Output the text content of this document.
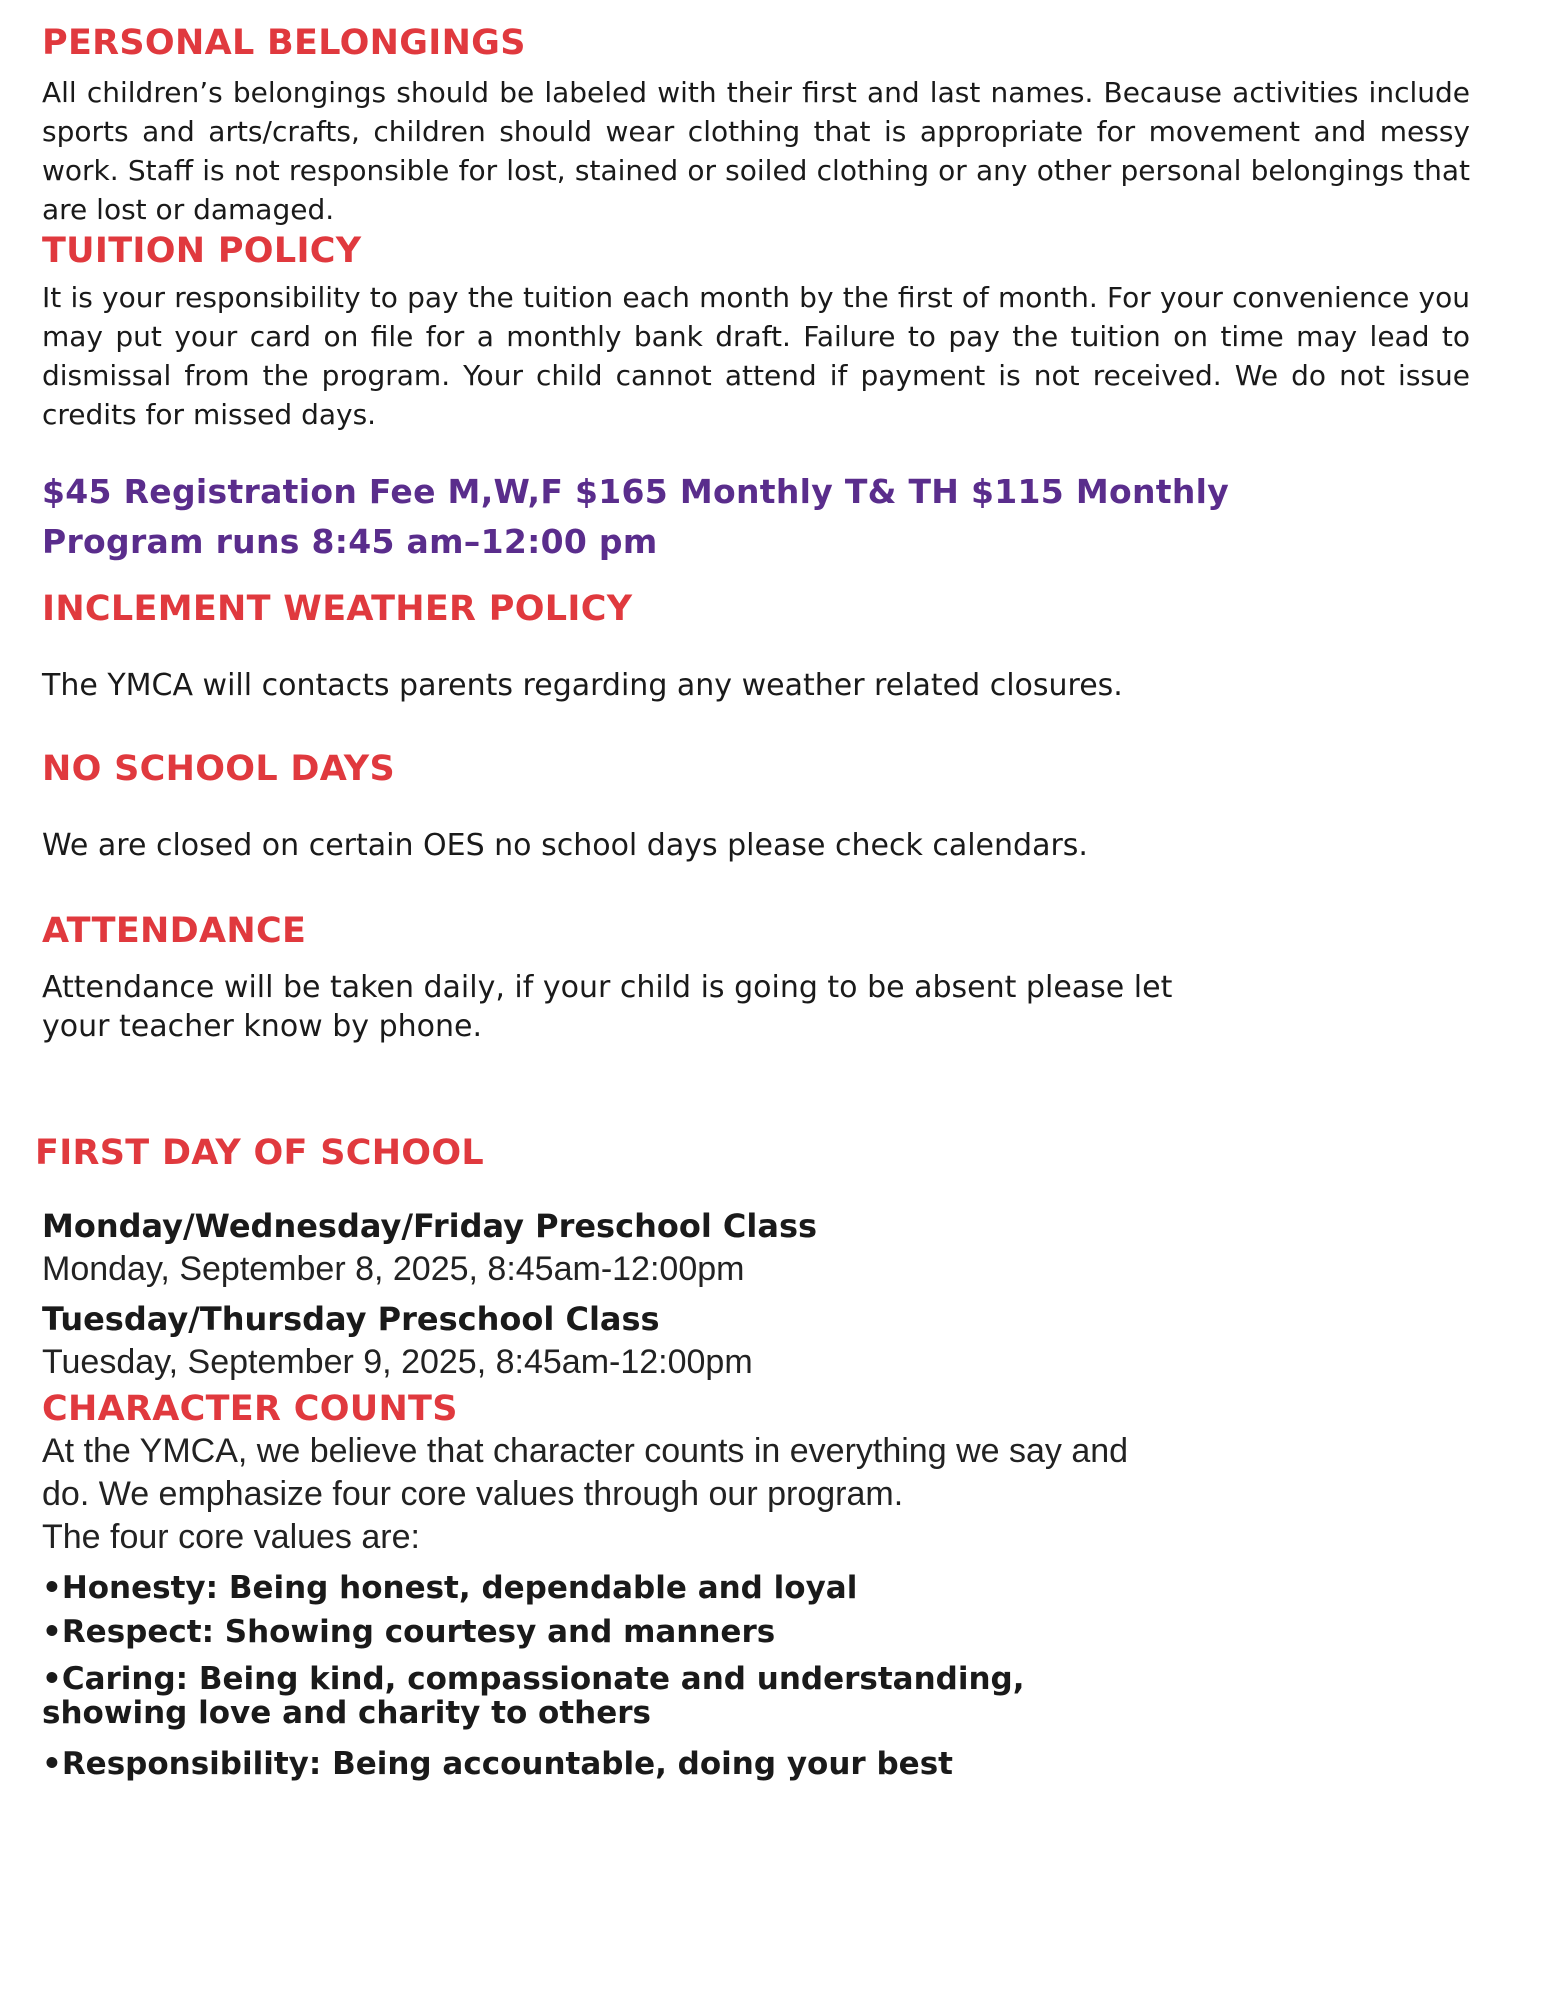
PERSONAL BELONGINGS

All children’s belongings should be labeled with their first and last names. Because activities include sports and arts/crafts, children should wear clothing that is appropriate for movement and messy work. Staff is not responsible for lost, stained or soiled clothing or any other personal belongings that are lost or damaged.

TUITION POLICY

It is your responsibility to pay the tuition each month by the first of month. For your convenience you may put your card on file for a monthly bank draft. Failure to pay the tuition on time may lead to dismissal from the program. Your child cannot attend if payment is not received. We do not issue credits for missed days.

$45 Registration Fee M,W,F $165 Monthly T& TH $115 Monthly

Program runs 8:45 am–12:00 pm

INCLEMENT WEATHER POLICY

The YMCA will contacts parents regarding any weather related closures.

NO SCHOOL DAYS

We are closed on certain OES no school days please check calendars.

ATTENDANCE

Attendance will be taken daily, if your child is going to be absent please let

your teacher know by phone.

FIRST DAY OF SCHOOL

Monday/Wednesday/Friday Preschool Class

Monday, September 8, 2025, 8:45am-12:00pm

Tuesday/Thursday Preschool Class

Tuesday, September 9, 2025, 8:45am-12:00pm

CHARACTER COUNTS

At the YMCA, we believe that character counts in everything we say and

do. We emphasize four core values through our program.

The four core values are:

•Honesty: Being honest, dependable and loyal

•Respect: Showing courtesy and manners

•Caring: Being kind, compassionate and understanding,

showing love and charity to others

•Responsibility: Being accountable, doing your best
